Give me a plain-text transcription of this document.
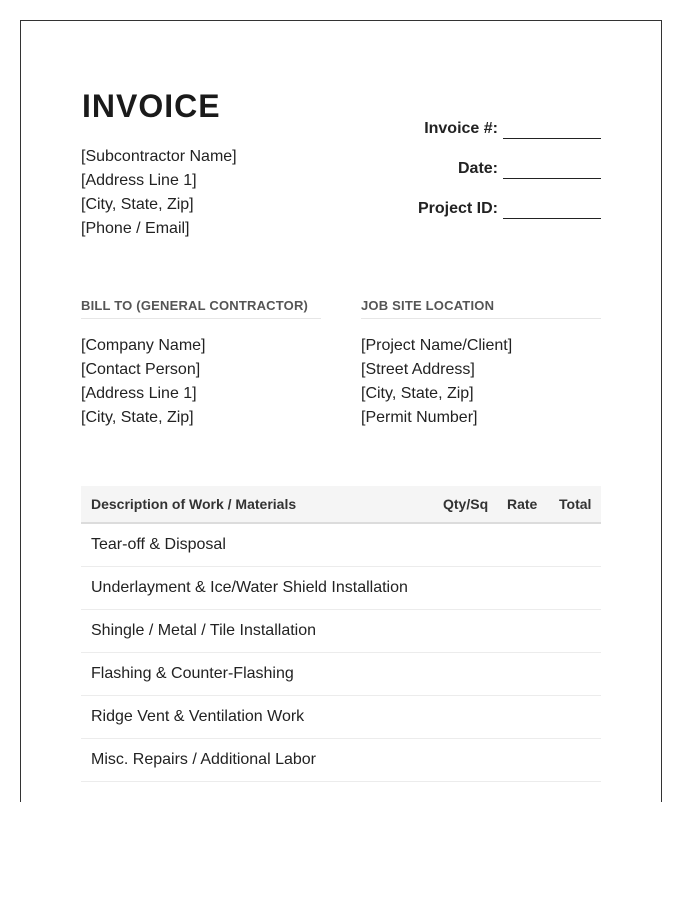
INVOICE
[Subcontractor Name]
[Address Line 1]
[City, State, Zip]
[Phone / Email]
Invoice #:
Date:
Project ID:
BILL TO (GENERAL CONTRACTOR)	JOB SITE LOCATION
[Company Name]
[Contact Person]
[Address Line 1]
[City, State, Zip]
[Project Name/Client]
[Street Address]
[City, State, Zip]
[Permit Number]
Description of Work / Materials	Qty/Sq	Rate	Total
Tear-off & Disposal
Underlayment & Ice/Water Shield Installation
Shingle / Metal / Tile Installation
Flashing & Counter-Flashing
Ridge Vent & Ventilation Work
Misc. Repairs / Additional Labor
